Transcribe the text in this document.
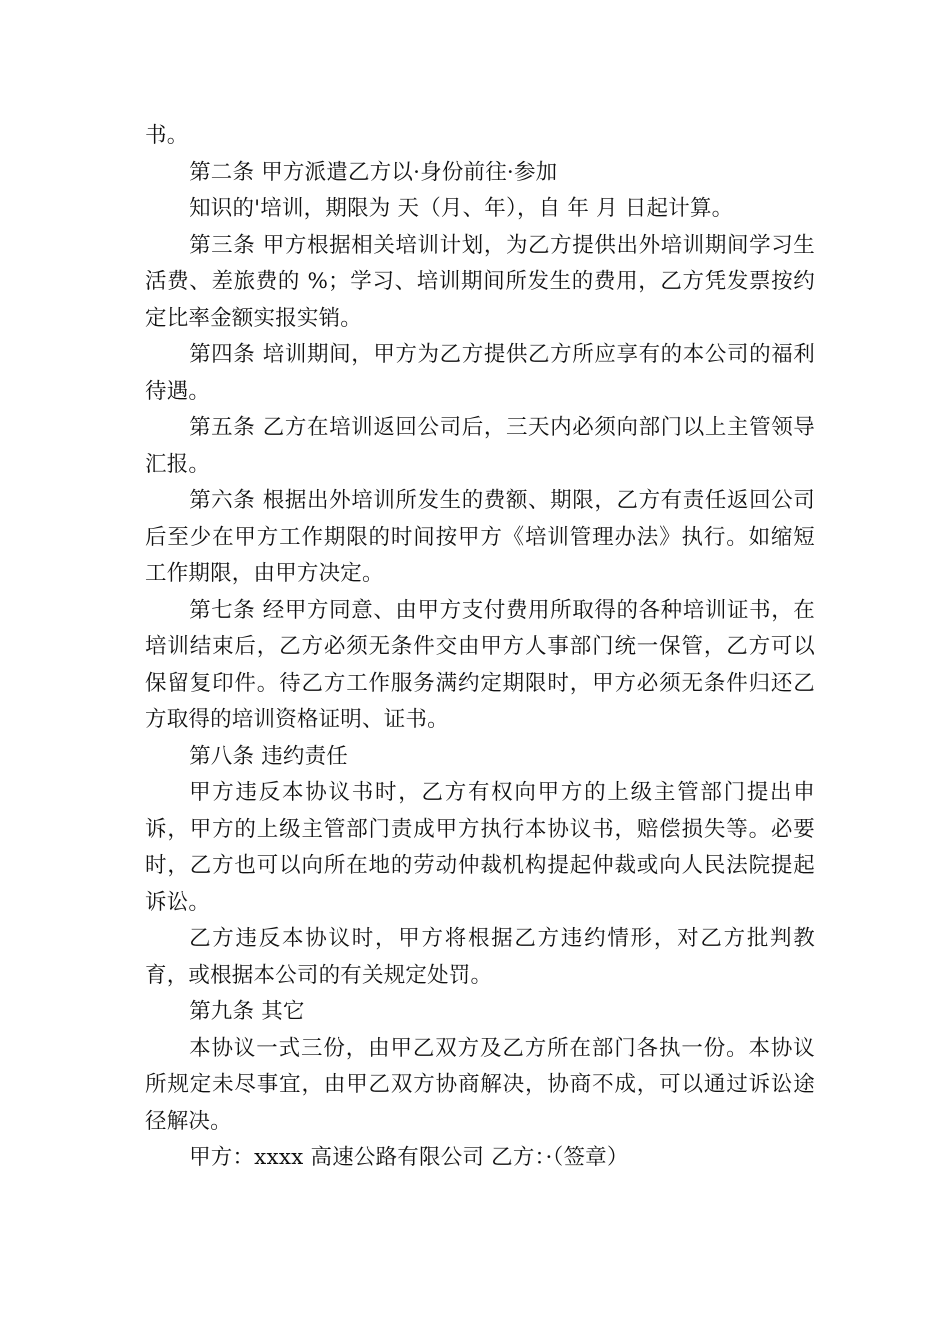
书。

第二条 甲方派遣乙方以·身份前往·参加

知识的'培训，期限为 天（月、年），自 年 月 日起计算。

第三条 甲方根据相关培训计划，为乙方提供出外培训期间学习生活费、差旅费的 %；学习、培训期间所发生的费用，乙方凭发票按约定比率金额实报实销。

第四条 培训期间，甲方为乙方提供乙方所应享有的本公司的福利待遇。

第五条 乙方在培训返回公司后，三天内必须向部门以上主管领导汇报。

第六条 根据出外培训所发生的费额、期限，乙方有责任返回公司后至少在甲方工作期限的时间按甲方《培训管理办法》执行。如缩短工作期限，由甲方决定。

第七条 经甲方同意、由甲方支付费用所取得的各种培训证书，在培训结束后，乙方必须无条件交由甲方人事部门统一保管，乙方可以保留复印件。待乙方工作服务满约定期限时，甲方必须无条件归还乙方取得的培训资格证明、证书。

第八条 违约责任

甲方违反本协议书时，乙方有权向甲方的上级主管部门提出申诉，甲方的上级主管部门责成甲方执行本协议书，赔偿损失等。必要时，乙方也可以向所在地的劳动仲裁机构提起仲裁或向人民法院提起诉讼。

乙方违反本协议时，甲方将根据乙方违约情形，对乙方批判教育，或根据本公司的有关规定处罚。

第九条 其它

本协议一式三份，由甲乙双方及乙方所在部门各执一份。本协议所规定未尽事宜，由甲乙双方协商解决，协商不成，可以通过诉讼途径解决。

甲方：xxxx 高速公路有限公司 乙方：·（签章）
